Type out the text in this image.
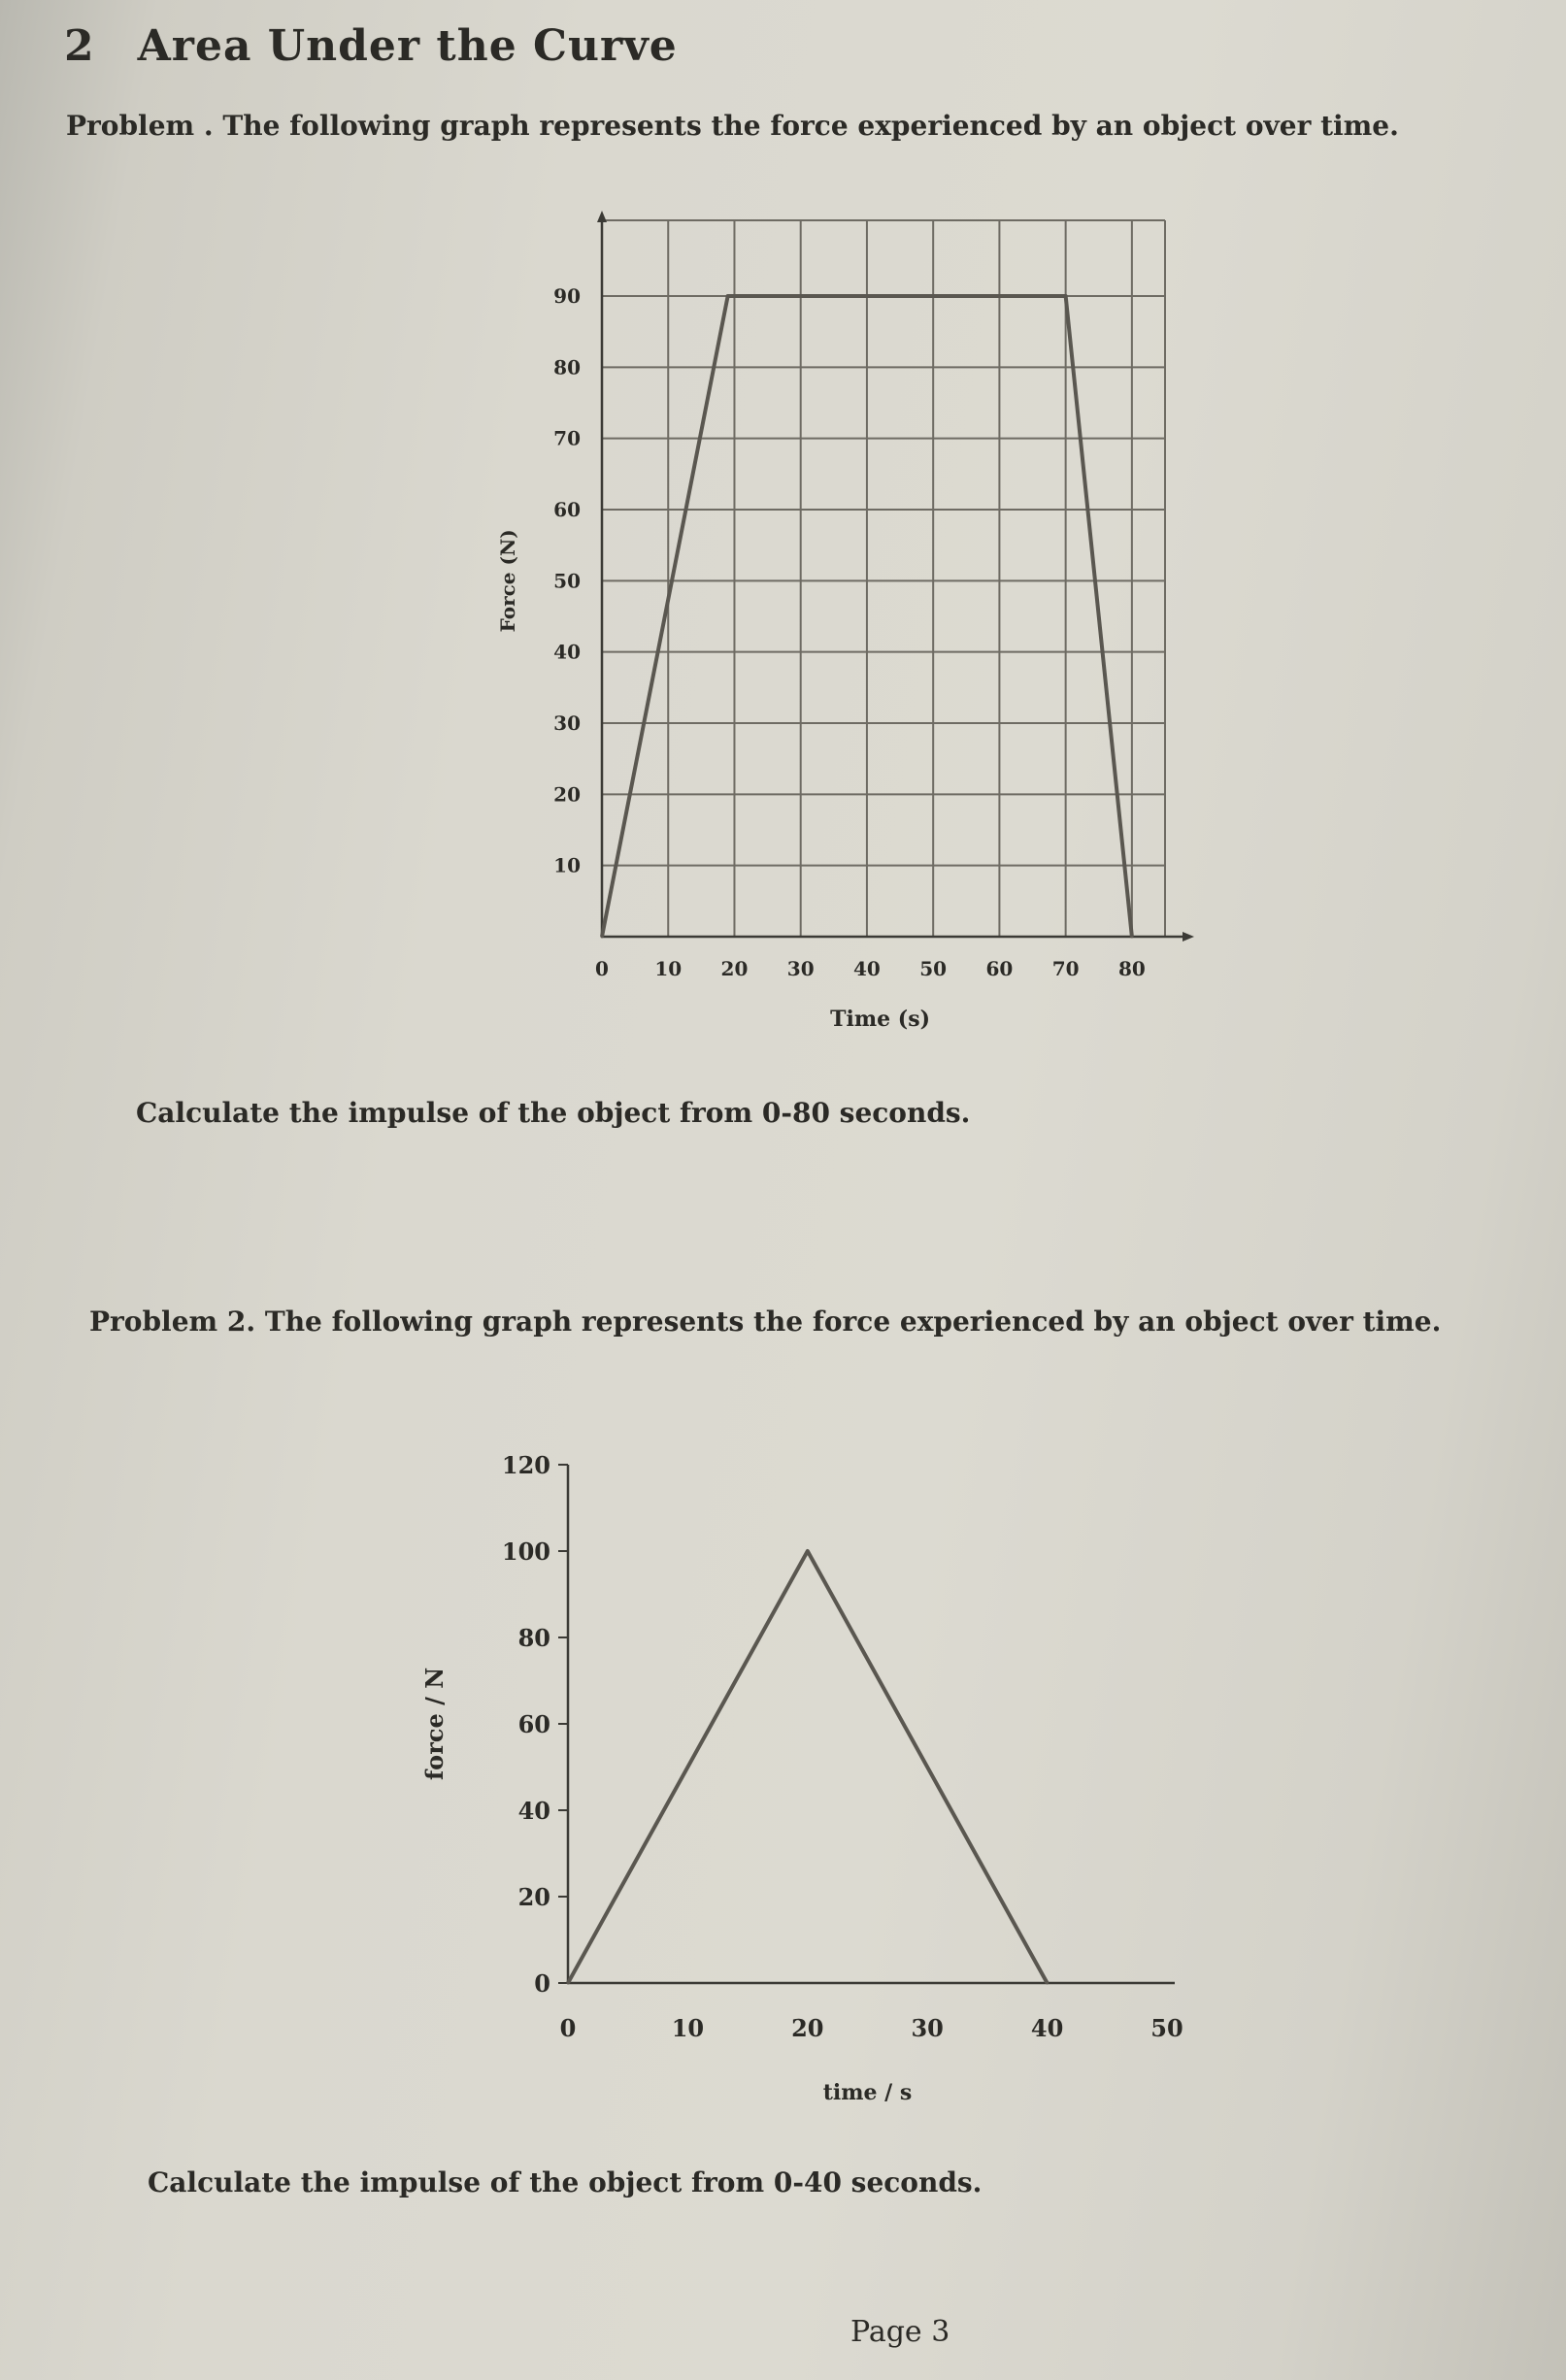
2 Area Under the Curve

Problem . The following graph represents the force experienced by an object over time.

10
20
30
40
50
60
70
80
90
0 10 20 30 40 50 60 70 80
Time (s)
Force (N)

Calculate the impulse of the object from 0-80 seconds.

Problem 2. The following graph represents the force experienced by an object over time.

0
20
40
60
80
100
120
0	10	20	30	40	50
time / s
force / N

Calculate the impulse of the object from 0-40 seconds.

Page 3
